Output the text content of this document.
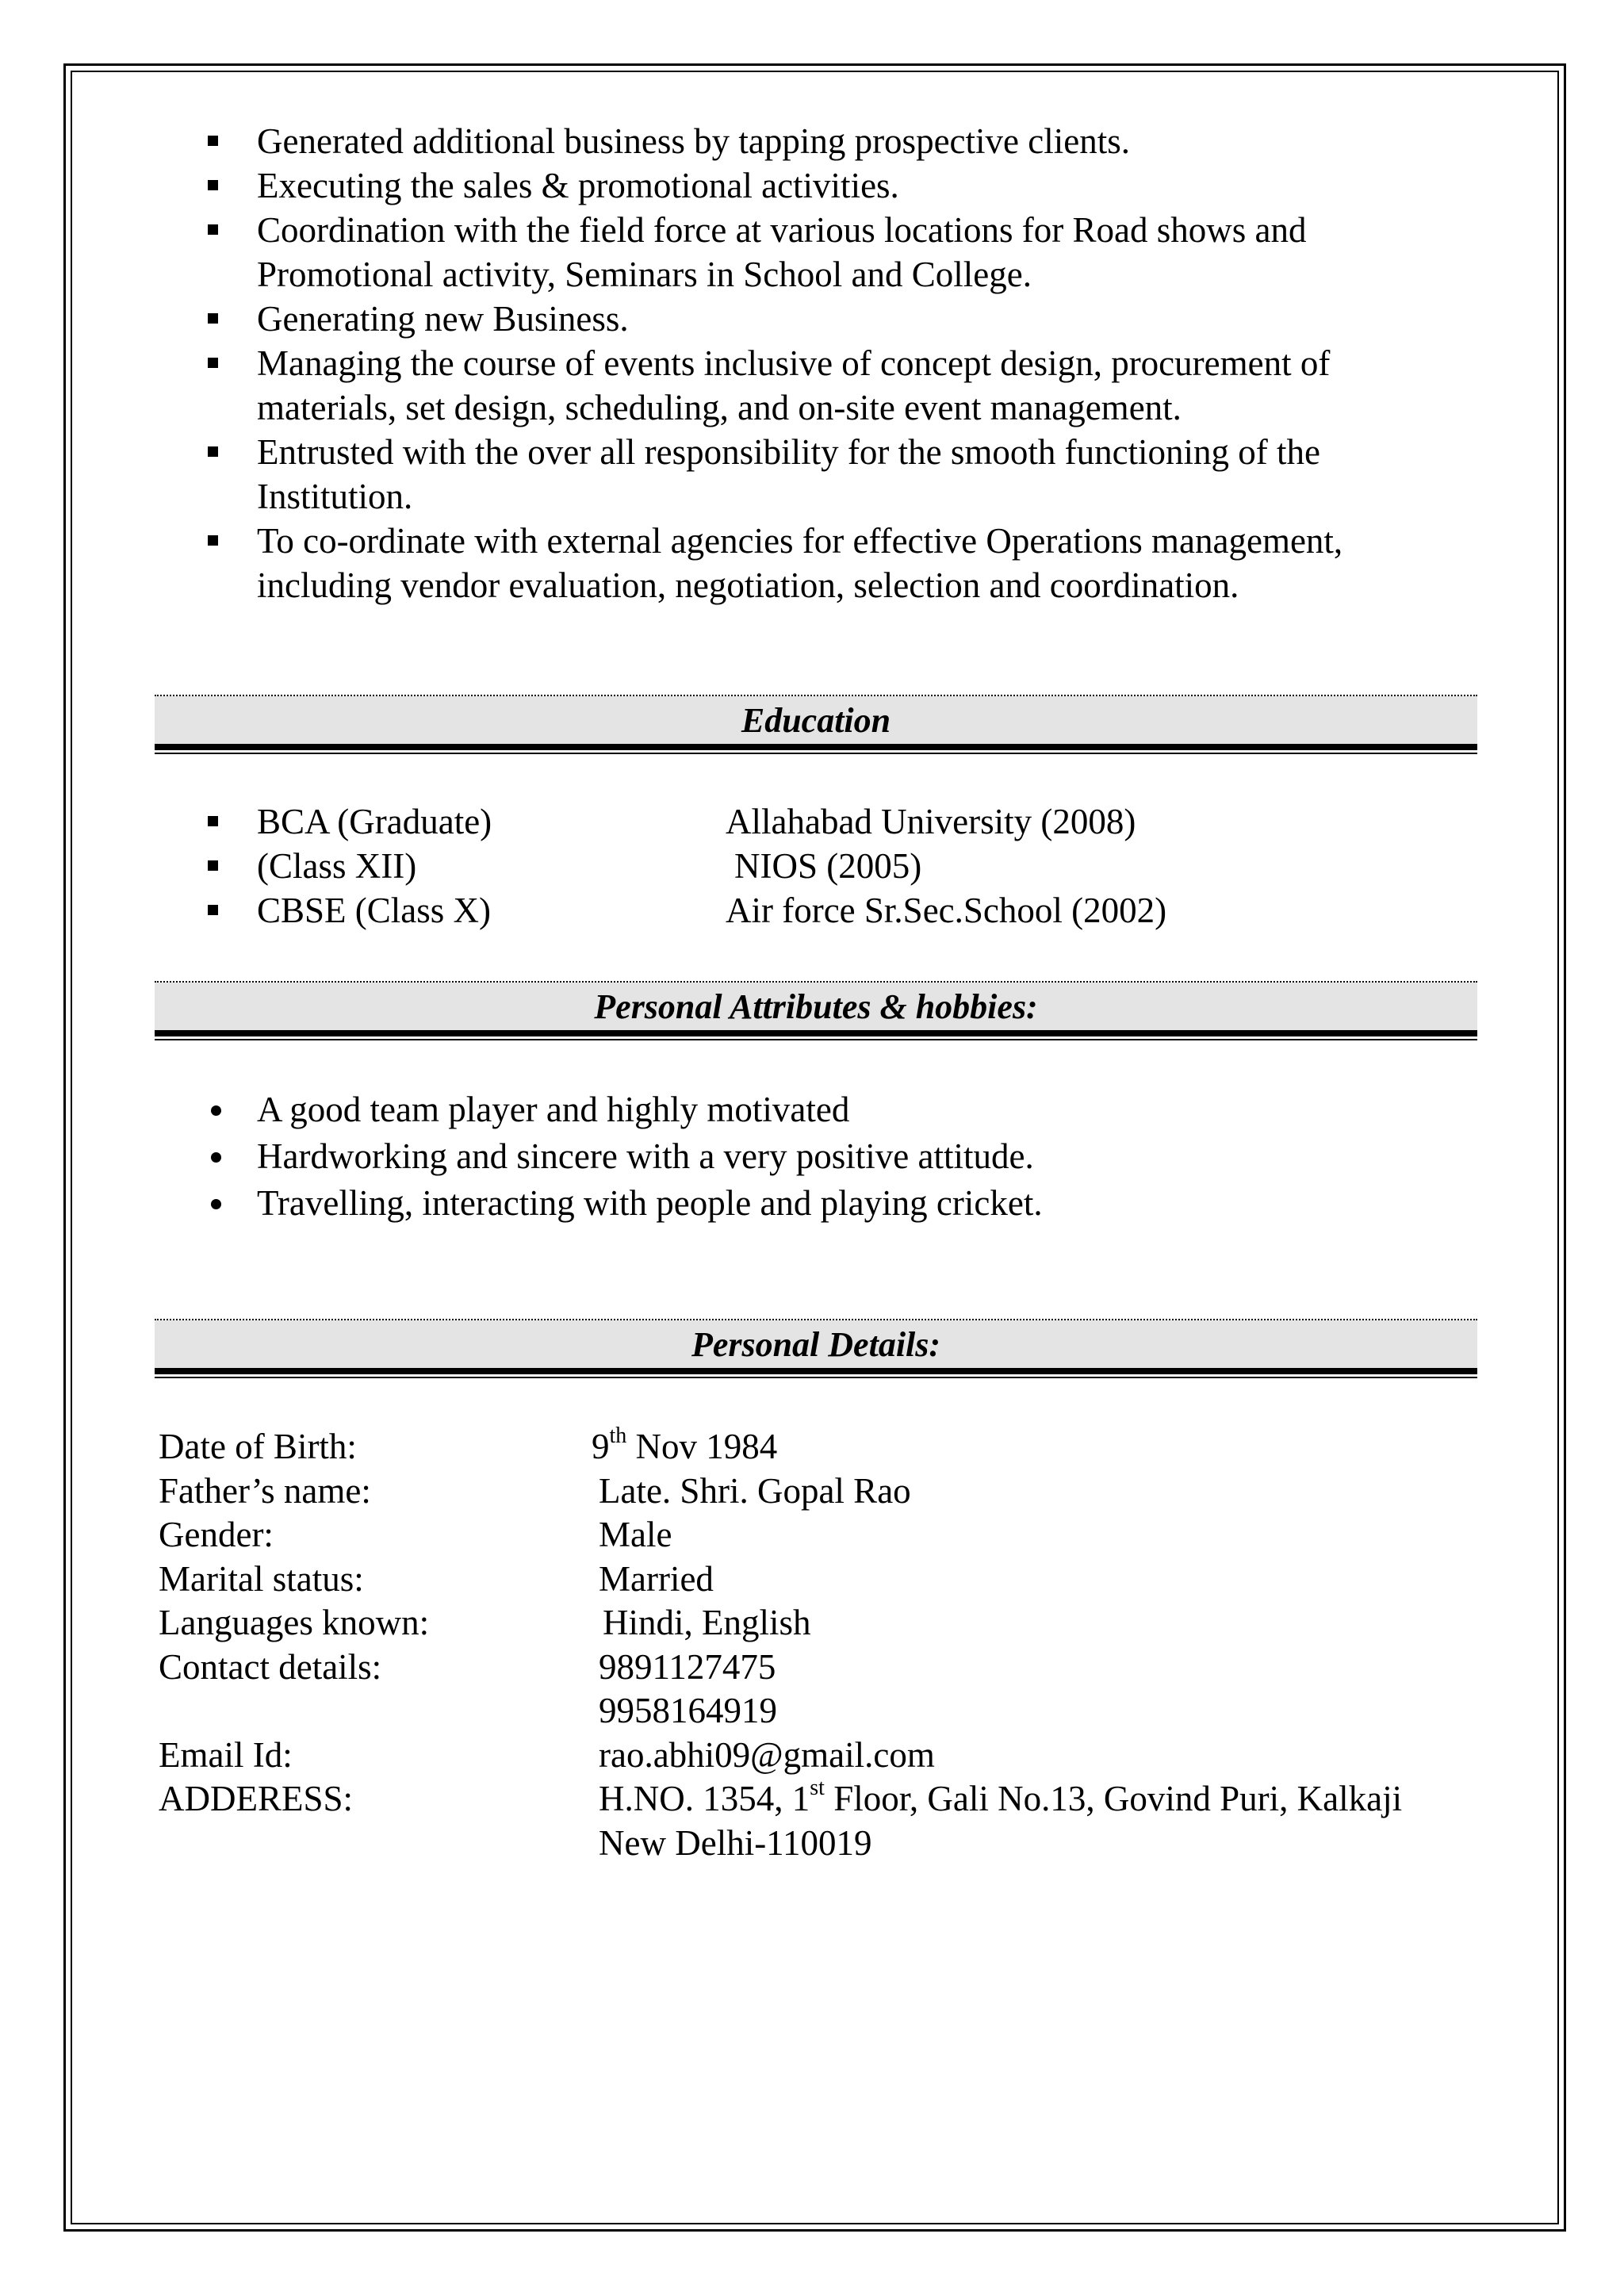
Generated additional business by tapping prospective clients.
Executing the sales & promotional activities.
Coordination with the field force at various locations for Road shows and Promotional activity, Seminars in School and College.
Generating new Business.
Managing the course of events inclusive of concept design, procurement of materials, set design, scheduling, and on-site event management.
Entrusted with the over all responsibility for the smooth functioning of the Institution.
To co-ordinate with external agencies for effective Operations management, including vendor evaluation, negotiation, selection and coordination.
Education
BCA (Graduate)	Allahabad University (2008)
(Class XII)	NIOS (2005)
CBSE (Class X)	Air force Sr.Sec.School (2002)
Personal Attributes & hobbies:
A good team player and highly motivated
Hardworking and sincere with a very positive attitude.
Travelling, interacting with people and playing cricket.
Personal Details:
Date of Birth:	9th Nov 1984
Father’s name:	Late. Shri. Gopal Rao
Gender:	Male
Marital status:	Married
Languages known:	Hindi, English
Contact details:	9891127475
9958164919
Email Id:	rao.abhi09@gmail.com
ADDERESS:	H.NO. 1354, 1st Floor, Gali No.13, Govind Puri, Kalkaji
New Delhi-110019
